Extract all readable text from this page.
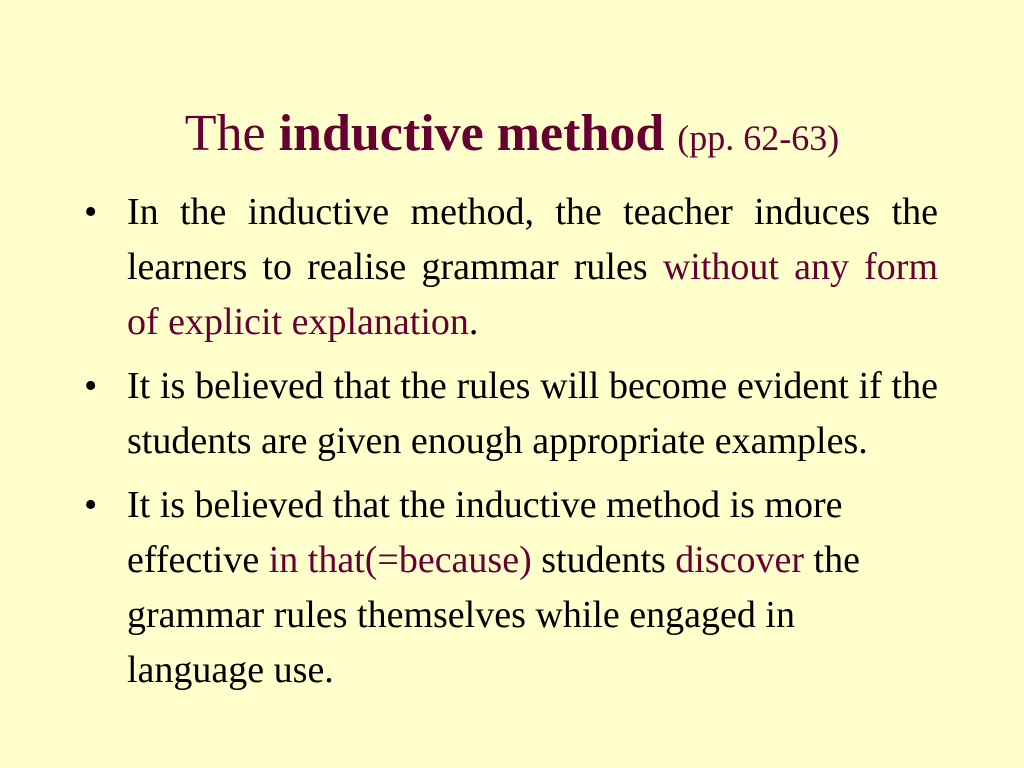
The inductive method (pp. 62-63)
• In the inductive method, the teacher induces the learners to realise grammar rules without any form of explicit explanation.
• It is believed that the rules will become evident if the students are given enough appropriate examples.
• It is believed that the inductive method is more effective in that(=because) students discover the grammar rules themselves while engaged in language use.
